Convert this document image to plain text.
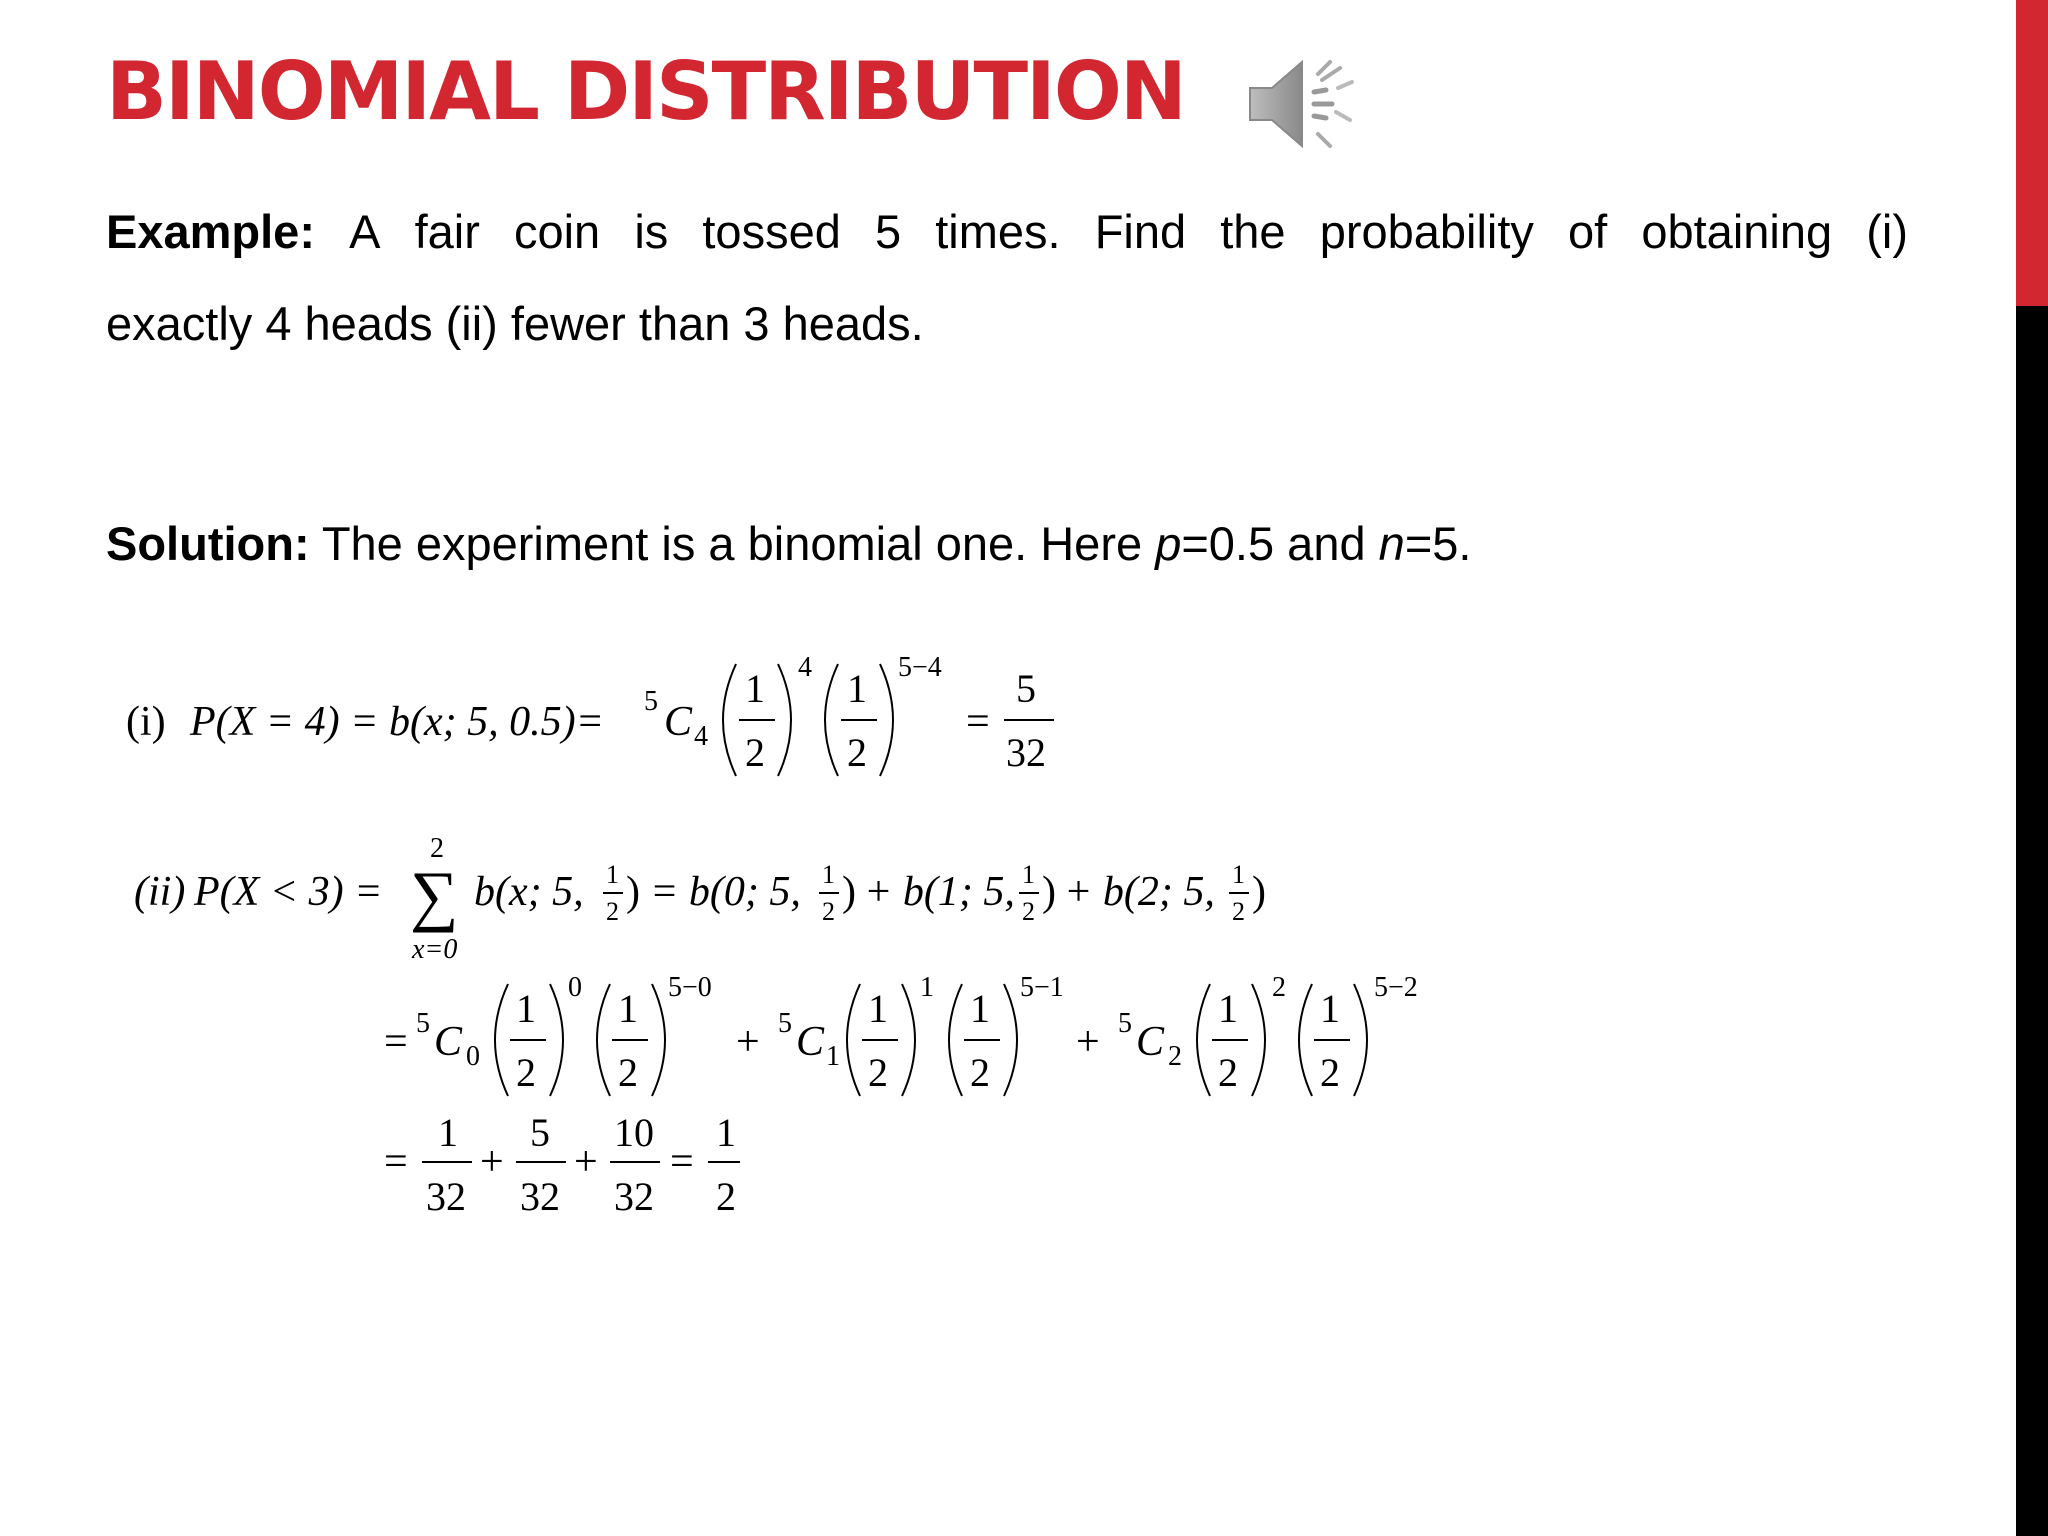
BINOMIAL DISTRIBUTION
Example: A fair coin is tossed 5 times. Find the probability of obtaining (i)
exactly 4 heads (ii) fewer than 3 heads.
Solution: The experiment is a binomial one. Here p=0.5 and n=5.
(i) P(X = 4) = b(x; 5, 0.5)= 5 C 4
1
2
4 1
2
5−4
=
5
32
(ii) P(X < 3) =
2
∑
x=0
b(x; 5, 1
2 ) = b(0; 5, 1
2 ) + b(1; 5, 1
2 ) + b(2; 5, 1
2 )
= 5 C 0
1
2
0 1
2
5−0
+ 5 C 1
1
2
1 1
2
5−1
+ 5 C 2
1
2
2 1
2
5−2
=
1
32
+
5
32
+
10
32
=
1
2
